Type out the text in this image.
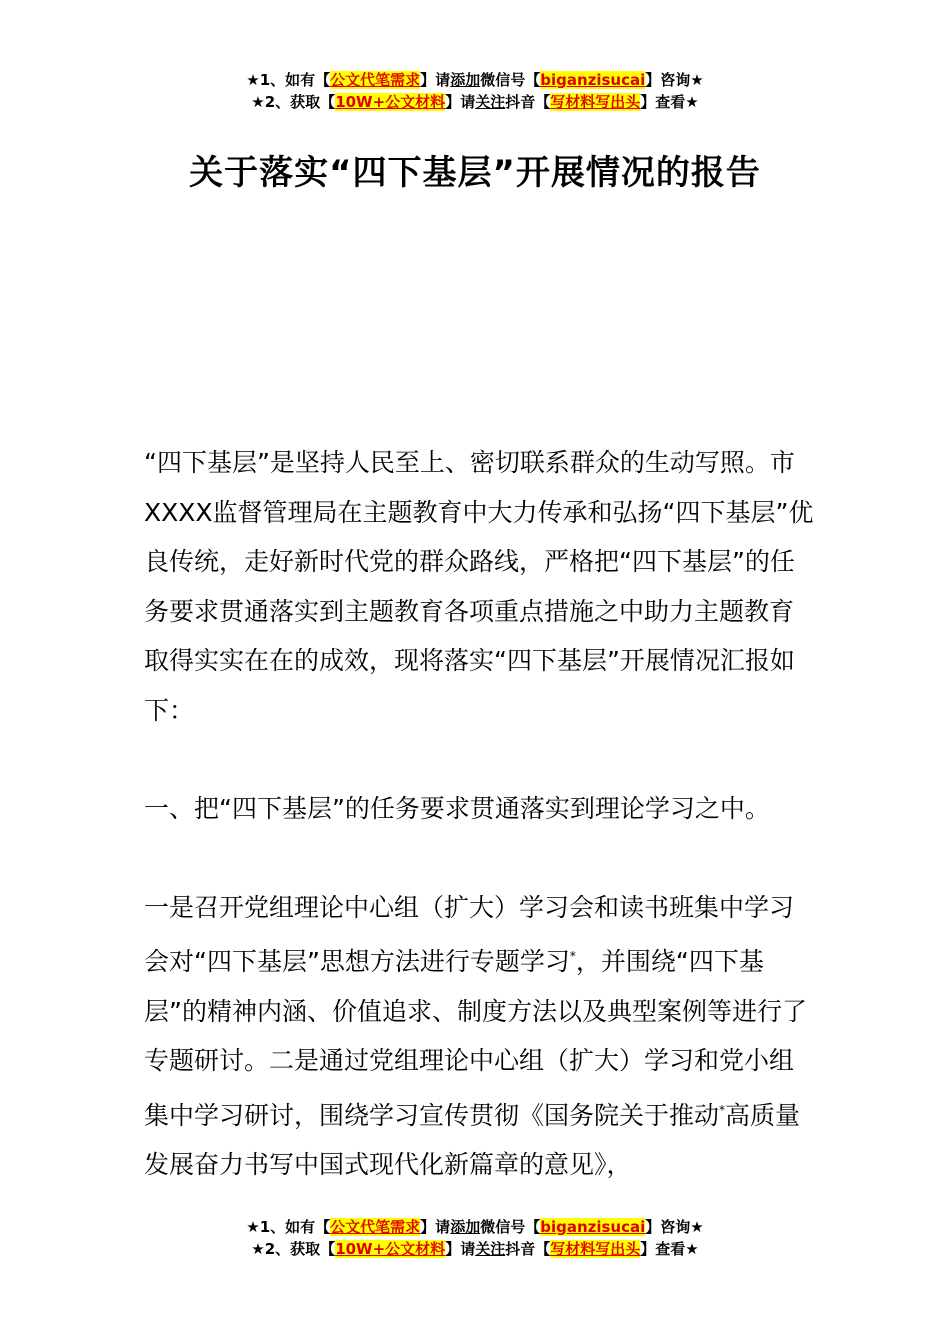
★1、如有【公文代笔需求】请添加微信号【biganzisucai】咨询★
★2、获取【10W+公文材料】请关注抖音【写材料写出头】查看★
关于落实“四下基层”开展情况的报告

“四下基层”是坚持人民至上、密切联系群众的生动写照。市XXXX监督管理局在主题教育中大力传承和弘扬“四下基层”优良传统，走好新时代党的群众路线，严格把“四下基层”的任务要求贯通落实到主题教育各项重点措施之中助力主题教育取得实实在在的成效，现将落实“四下基层”开展情况汇报如下：

一、把“四下基层”的任务要求贯通落实到理论学习之中。

一是召开党组理论中心组（扩大）学习会和读书班集中学习会对“四下基层”思想方法进行专题学习*，并围绕“四下基层”的精神内涵、价值追求、制度方法以及典型案例等进行了专题研讨。二是通过党组理论中心组（扩大）学习和党小组集中学习研讨，围绕学习宣传贯彻《国务院关于推动*高质量发展奋力书写中国式现代化新篇章的意见》，

★1、如有【公文代笔需求】请添加微信号【biganzisucai】咨询★
★2、获取【10W+公文材料】请关注抖音【写材料写出头】查看★
